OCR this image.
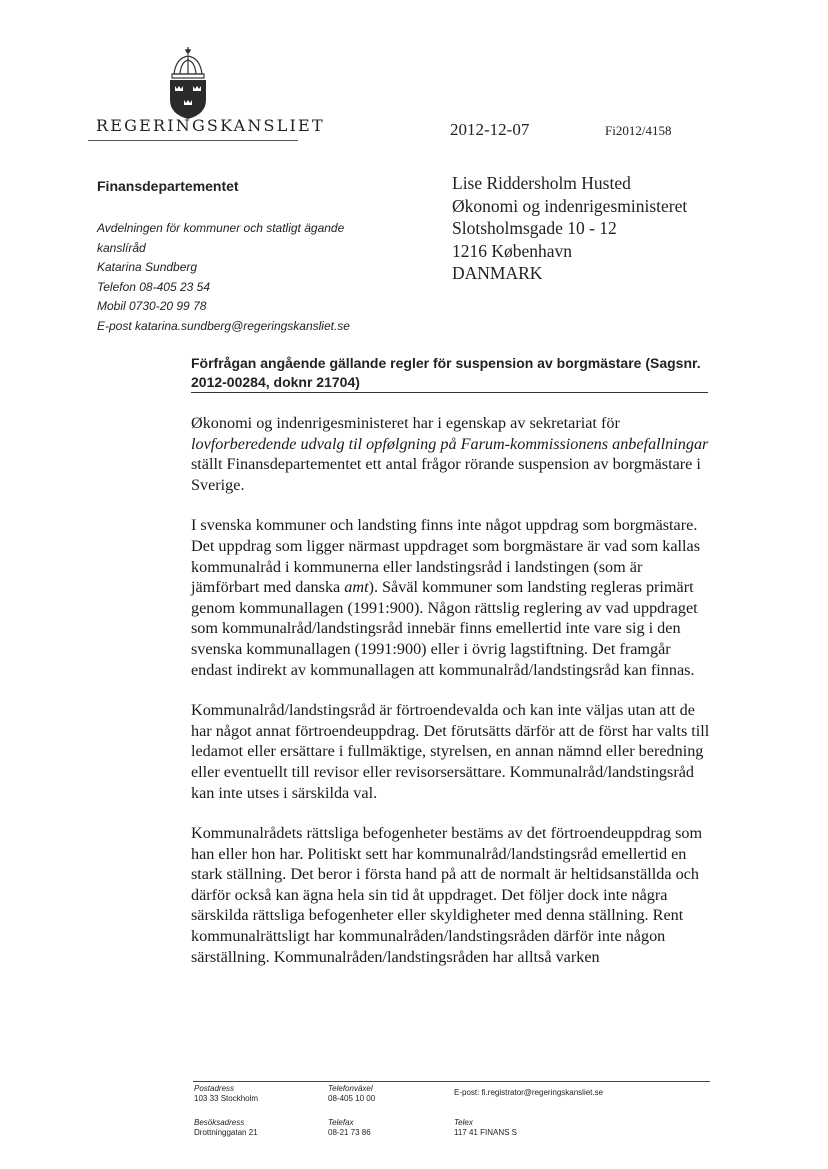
REGERINGSKANSLIET	2012-12-07	Fi2012/4158
Finansdepartementet
Avdelningen för kommuner och statligt ägande
kanslíråd
Katarina Sundberg
Telefon 08-405 23 54
Mobil 0730-20 99 78
E-post katarina.sundberg@regeringskansliet.se
Lise Riddersholm Husted
Økonomi og indenrigesministeret
Slotsholmsgade 10 - 12
1216 København
DANMARK
Förfrågan angående gällande regler för suspension av borgmästare (Sagsnr. 2012-00284, doknr 21704)

Økonomi og indenrigesministeret har i egenskap av sekretariat för
lovforberedende udvalg til opfølgning på Farum-kommissionens anbefallningar ställt Finansdepartementet ett antal frågor rörande suspension av borgmästare i Sverige.

I svenska kommuner och landsting finns inte något uppdrag som borgmästare. Det uppdrag som ligger närmast uppdraget som borgmästare är vad som kallas kommunalråd i kommunerna eller landstingsråd i landstingen (som är jämförbart med danska amt). Såväl kommuner som landsting regleras primärt genom kommunallagen (1991:900). Någon rättslig reglering av vad uppdraget som kommunalråd/landstingsråd innebär finns emellertid inte vare sig i den svenska kommunallagen (1991:900) eller i övrig lagstiftning. Det framgår endast indirekt av kommunallagen att kommunalråd/landstingsråd kan finnas.

Kommunalråd/landstingsråd är förtroendevalda och kan inte väljas utan att de har något annat förtroendeuppdrag. Det förutsätts därför att de först har valts till ledamot eller ersättare i fullmäktige, styrelsen, en annan nämnd eller beredning eller eventuellt till revisor eller revisorsersättare. Kommunalråd/landstingsråd kan inte utses i särskilda val.

Kommunalrådets rättsliga befogenheter bestäms av det förtroendeuppdrag som han eller hon har. Politiskt sett har kommunalråd/landstingsråd emellertid en stark ställning. Det beror i första hand på att de normalt är heltidsanställda och därför också kan ägna hela sin tid åt uppdraget. Det följer dock inte några särskilda rättsliga befogenheter eller skyldigheter med denna ställning. Rent kommunalrättsligt har kommunalråden/landstingsråden därför inte någon särställning. Kommunalråden/landstingsråden har alltså varken

Postadress
103 33 Stockholm
Telefonväxel
08-405 10 00
E-post: fi.registrator@regeringskansliet.se
Besöksadress
Drottninggatan 21
Telefax
08-21 73 86
Telex
117 41 FINANS S
